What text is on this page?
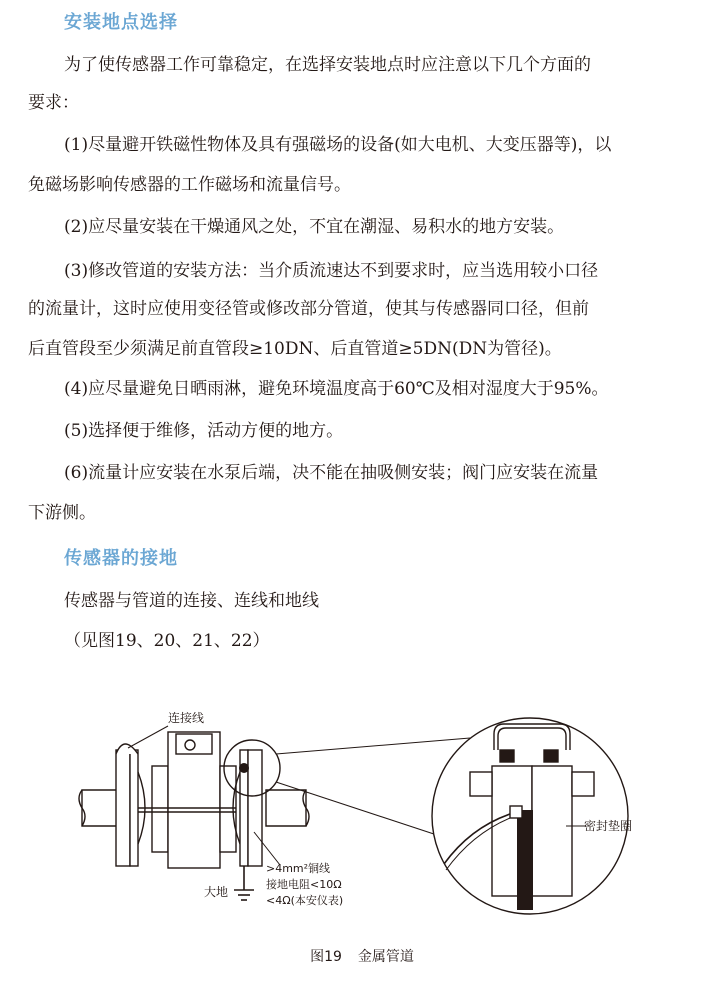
安装地点选择
为了使传感器工作可靠稳定，在选择安装地点时应注意以下几个方面的
要求：
(1)尽量避开铁磁性物体及具有强磁场的设备(如大电机、大变压器等)，以
免磁场影响传感器的工作磁场和流量信号。
(2)应尽量安装在干燥通风之处，不宜在潮湿、易积水的地方安装。
(3)修改管道的安装方法：当介质流速达不到要求时，应当选用较小口径
的流量计，这时应使用变径管或修改部分管道，使其与传感器同口径，但前
后直管段至少须满足前直管段≥10DN、后直管道≥5DN(DN为管径)。
(4)应尽量避免日晒雨淋，避免环境温度高于60℃及相对湿度大于95%。
(5)选择便于维修，活动方便的地方。
(6)流量计应安装在水泵后端，决不能在抽吸侧安装；阀门应安装在流量
下游侧。
传感器的接地
传感器与管道的连接、连线和地线
（见图19、20、21、22）
连接线
大地
>4mm²铜线
接地电阻<10Ω
<4Ω(本安仪表)
密封垫圈
图19 金属管道
